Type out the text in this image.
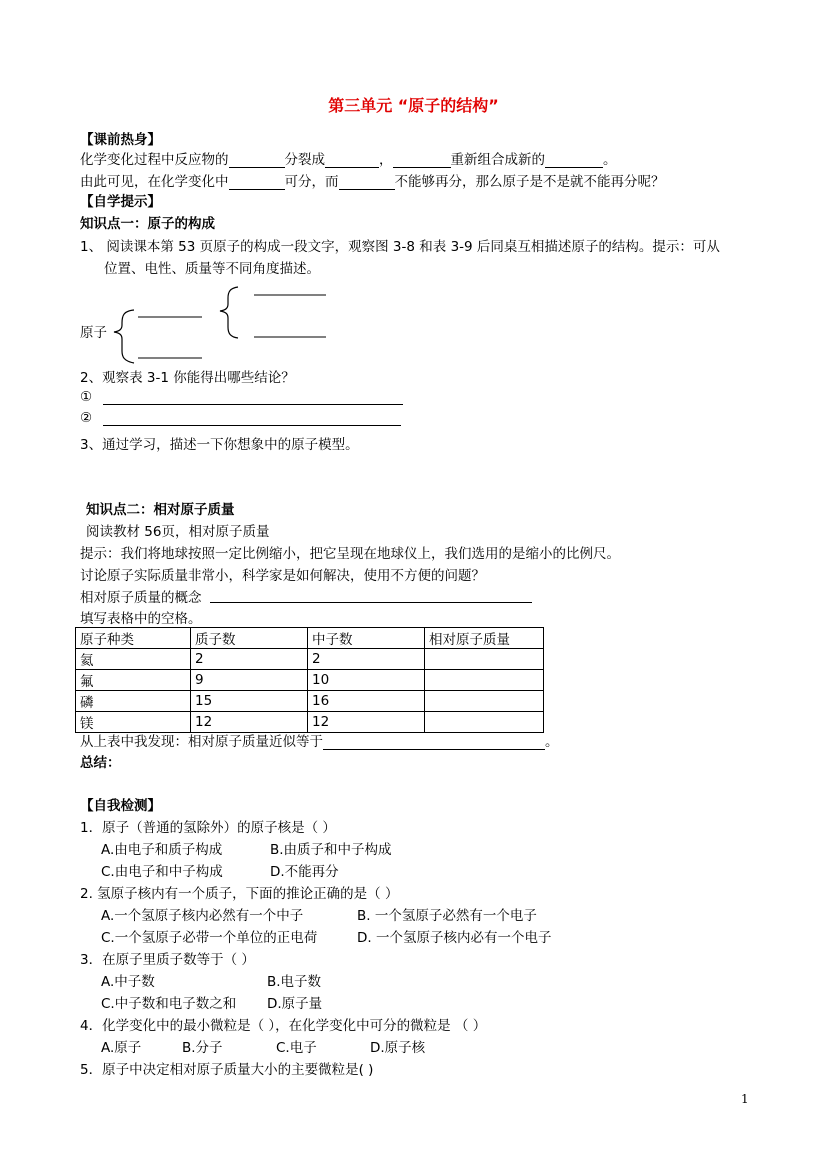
第三单元 “原子的结构”
【课前热身】
化学变化过程中反应物的	分裂成	，	重新组合成新的	。
由此可见，在化学变化中	可分，而	不能够再分，那么原子是不是就不能再分呢？
【自学提示】
知识点一：原子的构成
1、 阅读课本第 53 页原子的构成一段文字，观察图 3-8 和表 3-9 后同桌互相描述原子的结构。提示：可从
位置、电性、质量等不同角度描述。
原子
2、观察表 3-1 你能得出哪些结论？
①
②
3、通过学习，描述一下你想象中的原子模型。
知识点二：相对原子质量
阅读教材 56页，相对原子质量
提示：我们将地球按照一定比例缩小，把它呈现在地球仪上，我们选用的是缩小的比例尺。
讨论原子实际质量非常小，科学家是如何解决，使用不方便的问题？
相对原子质量的概念
填写表格中的空格。
原子种类	质子数	中子数	相对原子质量
氦	2	2	
氟	9	10	
磷	15	16	
镁	12	12	
从上表中我发现：相对原子质量近似等于	。
总结：
【自我检测】
1．原子（普通的氢除外）的原子核是（ ）
A.由电子和质子构成	B.由质子和中子构成
C.由电子和中子构成	D.不能再分
2. 氢原子核内有一个质子，下面的推论正确的是（ ）
A.一个氢原子核内必然有一个中子	B. 一个氢原子必然有一个电子
C.一个氢原子必带一个单位的正电荷	D. 一个氢原子核内必有一个电子
3．在原子里质子数等于（ ）
A.中子数	B.电子数
C.中子数和电子数之和 D.原子量
4．化学变化中的最小微粒是（ ），在化学变化中可分的微粒是 （ ）
A.原子	B.分子	C.电子	D.原子核
5．原子中决定相对原子质量大小的主要微粒是( )
1
